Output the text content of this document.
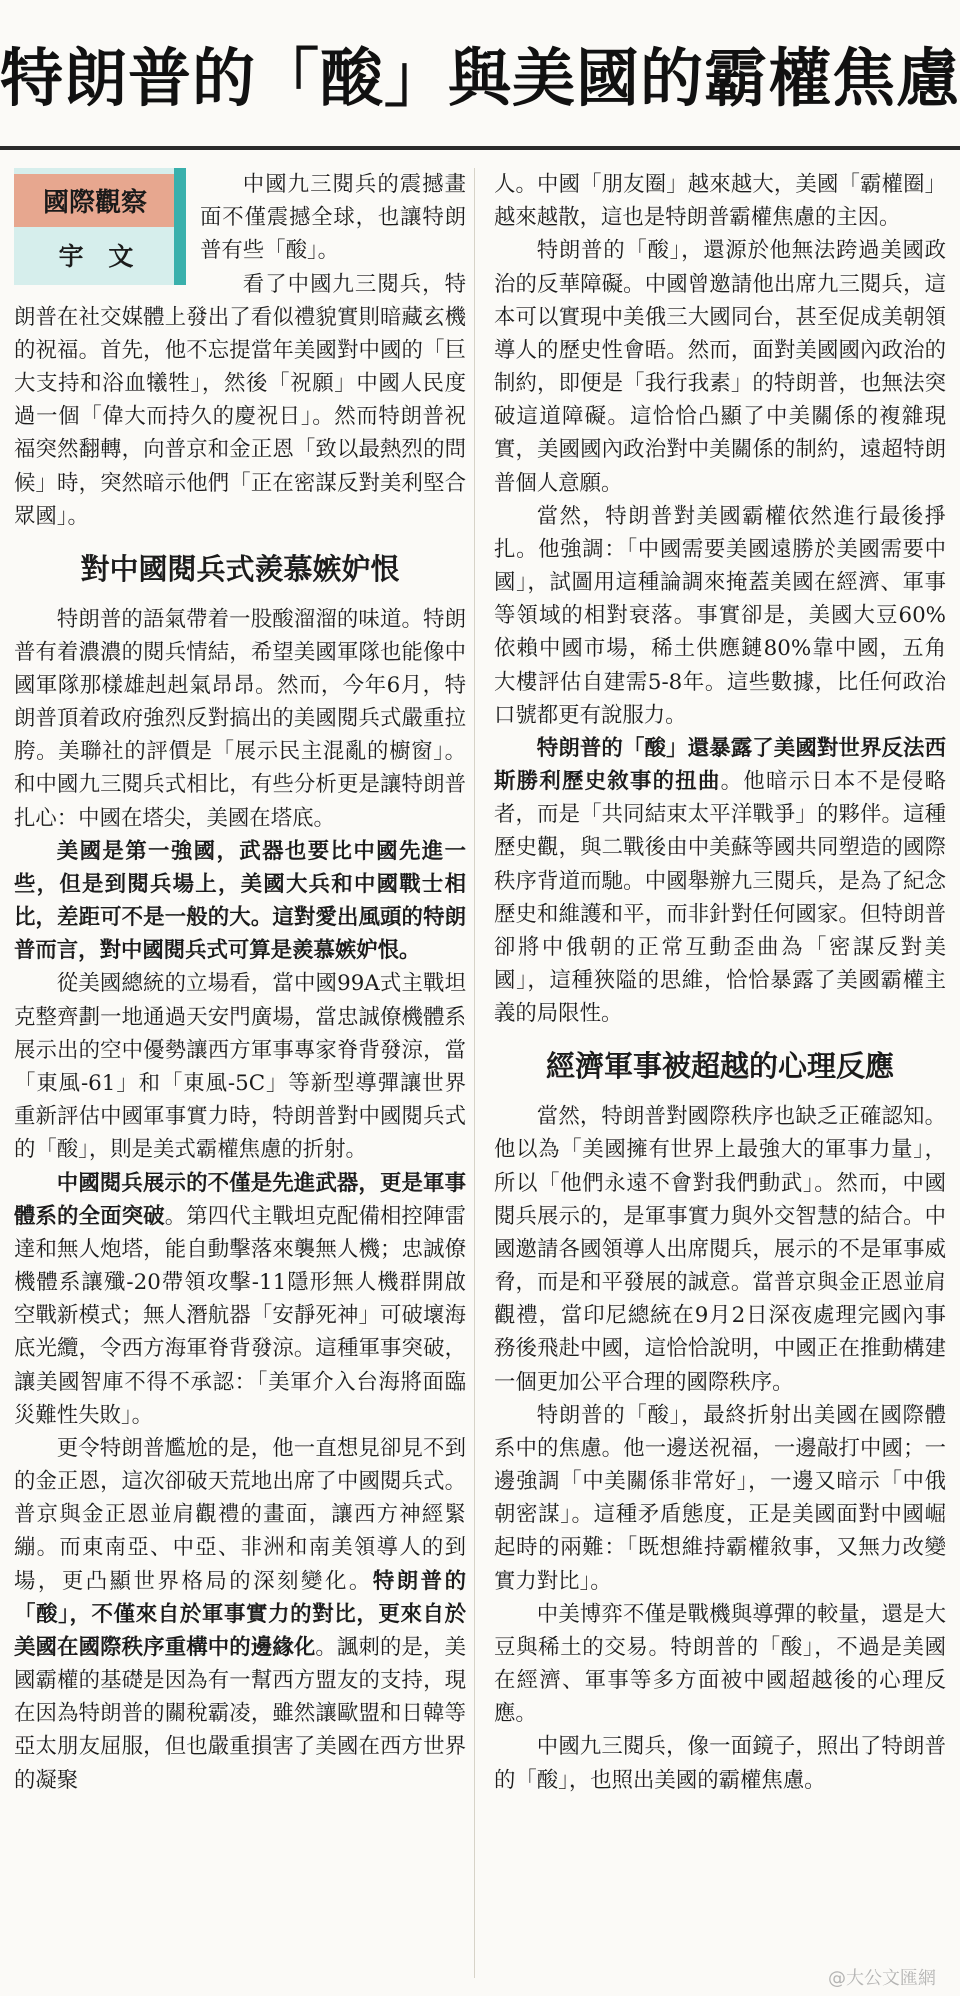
特朗普的「酸」與美國的霸權焦慮
國際觀察
宇 文

中國九三閱兵的震撼畫面不僅震撼全球，也讓特朗普有些「酸」。

看了中國九三閱兵，特朗普在社交媒體上發出了看似禮貌實則暗藏玄機的祝福。首先，他不忘提當年美國對中國的「巨大支持和浴血犧牲」，然後「祝願」中國人民度過一個「偉大而持久的慶祝日」。然而特朗普祝福突然翻轉，向普京和金正恩「致以最熱烈的問候」時，突然暗示他們「正在密謀反對美利堅合眾國」。

對中國閱兵式羨慕嫉妒恨

特朗普的語氣帶着一股酸溜溜的味道。特朗普有着濃濃的閱兵情結，希望美國軍隊也能像中國軍隊那樣雄赳赳氣昂昂。然而，今年6月，特朗普頂着政府強烈反對搞出的美國閱兵式嚴重拉胯。美聯社的評價是「展示民主混亂的櫥窗」。和中國九三閱兵式相比，有些分析更是讓特朗普扎心：中國在塔尖，美國在塔底。

美國是第一強國，武器也要比中國先進一些，但是到閱兵場上，美國大兵和中國戰士相比，差距可不是一般的大。這對愛出風頭的特朗普而言，對中國閱兵式可算是羨慕嫉妒恨。

從美國總統的立場看，當中國99A式主戰坦克整齊劃一地通過天安門廣場，當忠誠僚機體系展示出的空中優勢讓西方軍事專家脊背發涼，當「東風-61」和「東風-5C」等新型導彈讓世界重新評估中國軍事實力時，特朗普對中國閱兵式的「酸」，則是美式霸權焦慮的折射。

中國閱兵展示的不僅是先進武器，更是軍事體系的全面突破。第四代主戰坦克配備相控陣雷達和無人炮塔，能自動擊落來襲無人機；忠誠僚機體系讓殲-20帶領攻擊-11隱形無人機群開啟空戰新模式；無人潛航器「安靜死神」可破壞海底光纜，令西方海軍脊背發涼。這種軍事突破，讓美國智庫不得不承認：「美軍介入台海將面臨災難性失敗」。

更令特朗普尷尬的是，他一直想見卻見不到的金正恩，這次卻破天荒地出席了中國閱兵式。普京與金正恩並肩觀禮的畫面，讓西方神經緊繃。而東南亞、中亞、非洲和南美領導人的到場，更凸顯世界格局的深刻變化。特朗普的「酸」，不僅來自於軍事實力的對比，更來自於美國在國際秩序重構中的邊緣化。諷刺的是，美國霸權的基礎是因為有一幫西方盟友的支持，現在因為特朗普的關稅霸凌，雖然讓歐盟和日韓等亞太朋友屈服，但也嚴重損害了美國在西方世界的凝聚

人。中國「朋友圈」越來越大，美國「霸權圈」越來越散，這也是特朗普霸權焦慮的主因。

特朗普的「酸」，還源於他無法跨過美國政治的反華障礙。中國曾邀請他出席九三閱兵，這本可以實現中美俄三大國同台，甚至促成美朝領導人的歷史性會晤。然而，面對美國國內政治的制約，即便是「我行我素」的特朗普，也無法突破這道障礙。這恰恰凸顯了中美關係的複雜現實，美國國內政治對中美關係的制約，遠超特朗普個人意願。

當然，特朗普對美國霸權依然進行最後掙扎。他強調：「中國需要美國遠勝於美國需要中國」，試圖用這種論調來掩蓋美國在經濟、軍事等領域的相對衰落。事實卻是，美國大豆60%依賴中國市場，稀土供應鏈80%靠中國，五角大樓評估自建需5-8年。這些數據，比任何政治口號都更有說服力。

特朗普的「酸」還暴露了美國對世界反法西斯勝利歷史敘事的扭曲。他暗示日本不是侵略者，而是「共同結束太平洋戰爭」的夥伴。這種歷史觀，與二戰後由中美蘇等國共同塑造的國際秩序背道而馳。中國舉辦九三閱兵，是為了紀念歷史和維護和平，而非針對任何國家。但特朗普卻將中俄朝的正常互動歪曲為「密謀反對美國」，這種狹隘的思維，恰恰暴露了美國霸權主義的局限性。

經濟軍事被超越的心理反應

當然，特朗普對國際秩序也缺乏正確認知。他以為「美國擁有世界上最強大的軍事力量」，所以「他們永遠不會對我們動武」。然而，中國閱兵展示的，是軍事實力與外交智慧的結合。中國邀請各國領導人出席閱兵，展示的不是軍事威脅，而是和平發展的誠意。當普京與金正恩並肩觀禮，當印尼總統在9月2日深夜處理完國內事務後飛赴中國，這恰恰說明，中國正在推動構建一個更加公平合理的國際秩序。

特朗普的「酸」，最終折射出美國在國際體系中的焦慮。他一邊送祝福，一邊敲打中國；一邊強調「中美關係非常好」，一邊又暗示「中俄朝密謀」。這種矛盾態度，正是美國面對中國崛起時的兩難：「既想維持霸權敘事，又無力改變實力對比」。

中美博弈不僅是戰機與導彈的較量，還是大豆與稀土的交易。特朗普的「酸」，不過是美國在經濟、軍事等多方面被中國超越後的心理反應。

中國九三閱兵，像一面鏡子，照出了特朗普的「酸」，也照出美國的霸權焦慮。

@大公文匯網
